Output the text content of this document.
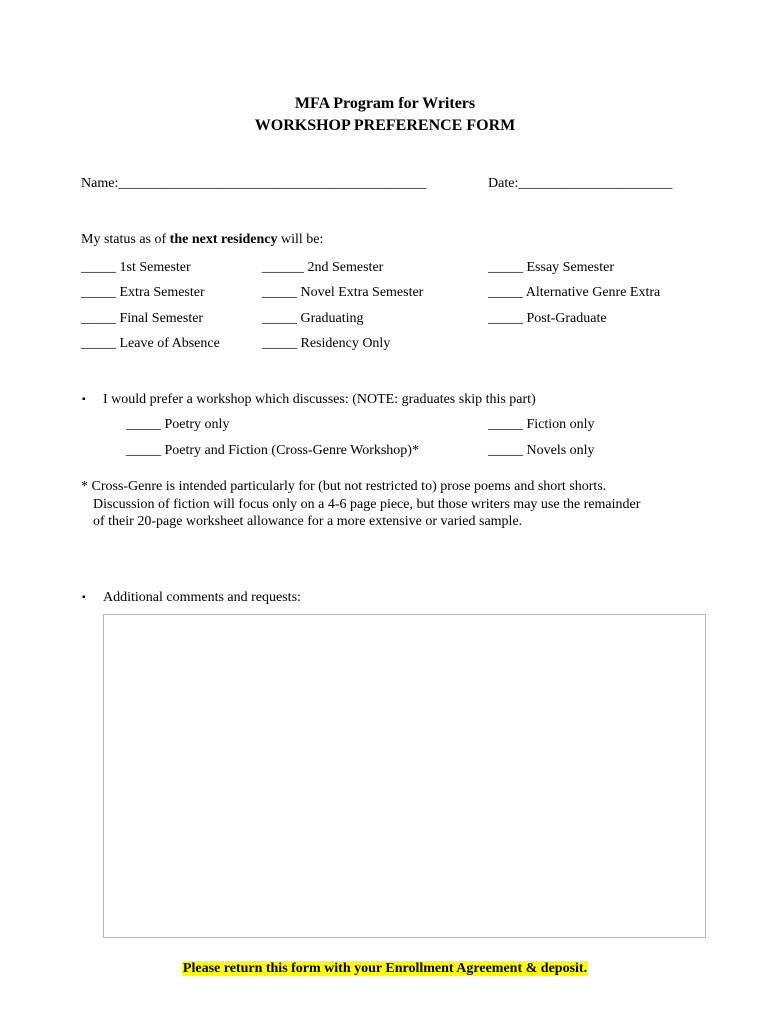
MFA Program for Writers
WORKSHOP PREFERENCE FORM
Name:____________________________________________	Date:______________________
My status as of the next residency will be:
_____ 1st Semester	______ 2nd Semester	_____ Essay Semester
_____ Extra Semester	_____ Novel Extra Semester	_____ Alternative Genre Extra
_____ Final Semester	_____ Graduating	_____ Post-Graduate
_____ Leave of Absence	_____ Residency Only
▪ I would prefer a workshop which discusses: (NOTE: graduates skip this part)
_____ Poetry only	_____ Fiction only
_____ Poetry and Fiction (Cross-Genre Workshop)*	_____ Novels only
* Cross-Genre is intended particularly for (but not restricted to) prose poems and short shorts.
Discussion of fiction will focus only on a 4-6 page piece, but those writers may use the remainder
of their 20-page worksheet allowance for a more extensive or varied sample.
▪ Additional comments and requests:
Please return this form with your Enrollment Agreement & deposit.
